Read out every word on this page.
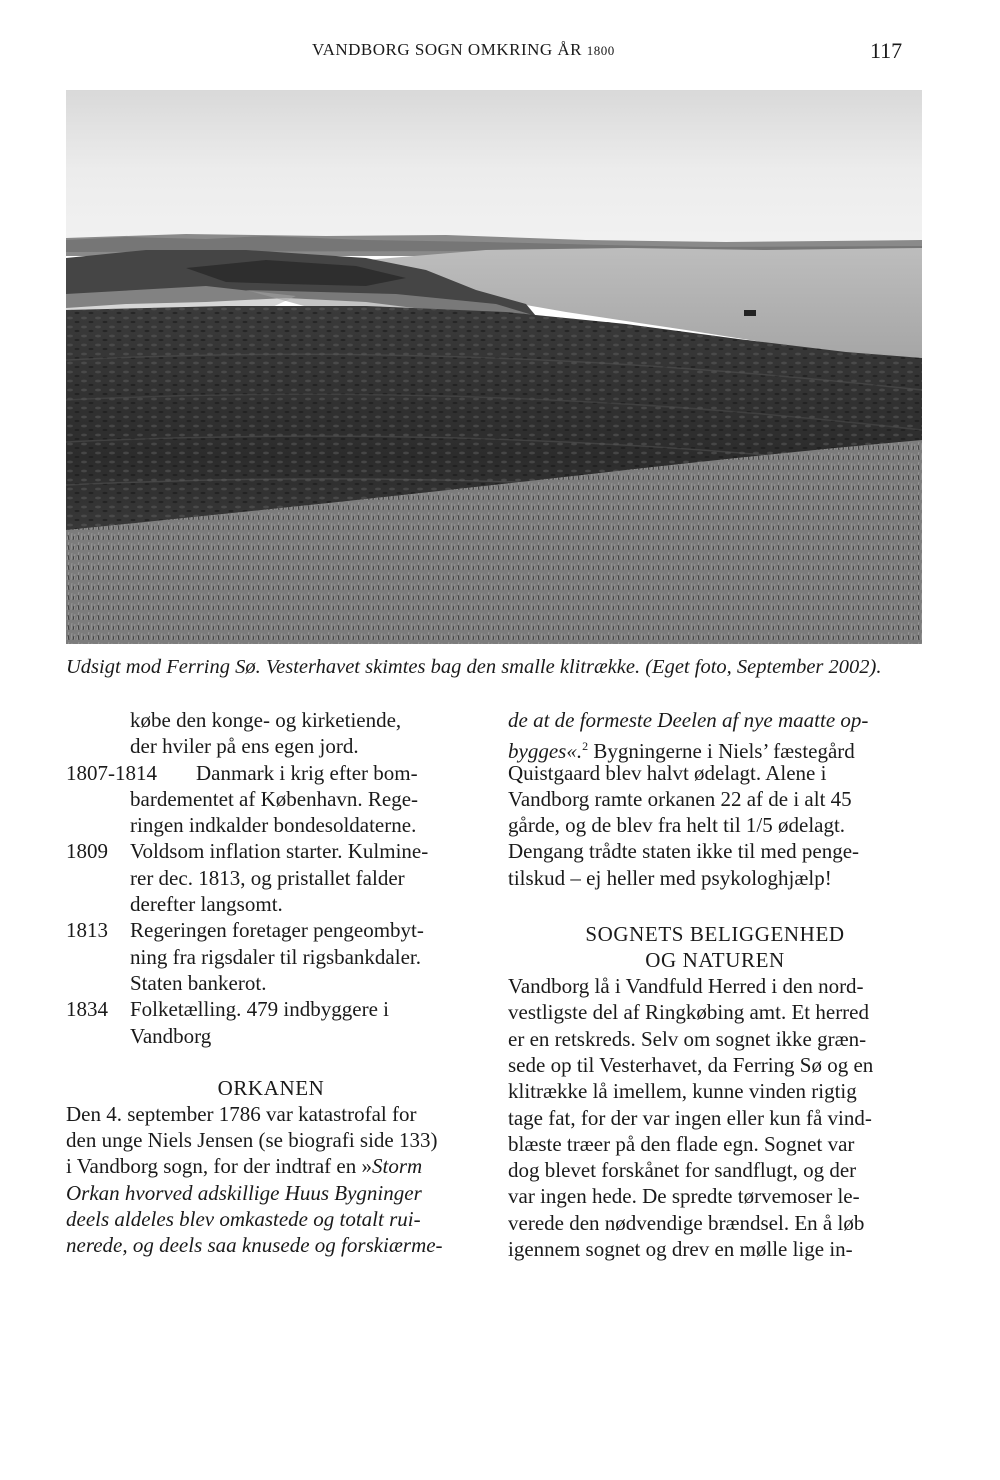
VANDBORG SOGN OMKRING ÅR 1800	117
Udsigt mod Ferring Sø. Vesterhavet skimtes bag den smalle klitrække. (Eget foto, September 2002).
købe den konge- og kirketiende,
der hviler på ens egen jord.
1807-1814 Danmark i krig efter bom-
bardementet af København. Rege-
ringen indkalder bondesoldaterne.
1809 Voldsom inflation starter. Kulmine-
rer dec. 1813, og pristallet falder
derefter langsomt.
1813 Regeringen foretager pengeombyt-
ning fra rigsdaler til rigsbankdaler.
Staten bankerot.
1834 Folketælling. 479 indbyggere i
Vandborg
ORKANEN
Den 4. september 1786 var katastrofal for
den unge Niels Jensen (se biografi side 133)
i Vandborg sogn, for der indtraf en »Storm
Orkan hvorved adskillige Huus Bygninger
deels aldeles blev omkastede og totalt rui-
nerede, og deels saa knusede og forskiærme-
de at de formeste Deelen af nye maatte op-
bygges«.$^2$ Bygningerne i Niels’ fæstegård
Quistgaard blev halvt ødelagt. Alene i
Vandborg ramte orkanen 22 af de i alt 45
gårde, og de blev fra helt til 1/5 ødelagt.
Dengang trådte staten ikke til med penge-
tilskud – ej heller med psykologhjælp!
SOGNETS BELIGGENHED
OG NATUREN
Vandborg lå i Vandfuld Herred i den nord-
vestligste del af Ringkøbing amt. Et herred
er en retskreds. Selv om sognet ikke græn-
sede op til Vesterhavet, da Ferring Sø og en
klitrække lå imellem, kunne vinden rigtig
tage fat, for der var ingen eller kun få vind-
blæste træer på den flade egn. Sognet var
dog blevet forskånet for sandflugt, og der
var ingen hede. De spredte tørvemoser le-
verede den nødvendige brændsel. En å løb
igennem sognet og drev en mølle lige in-
